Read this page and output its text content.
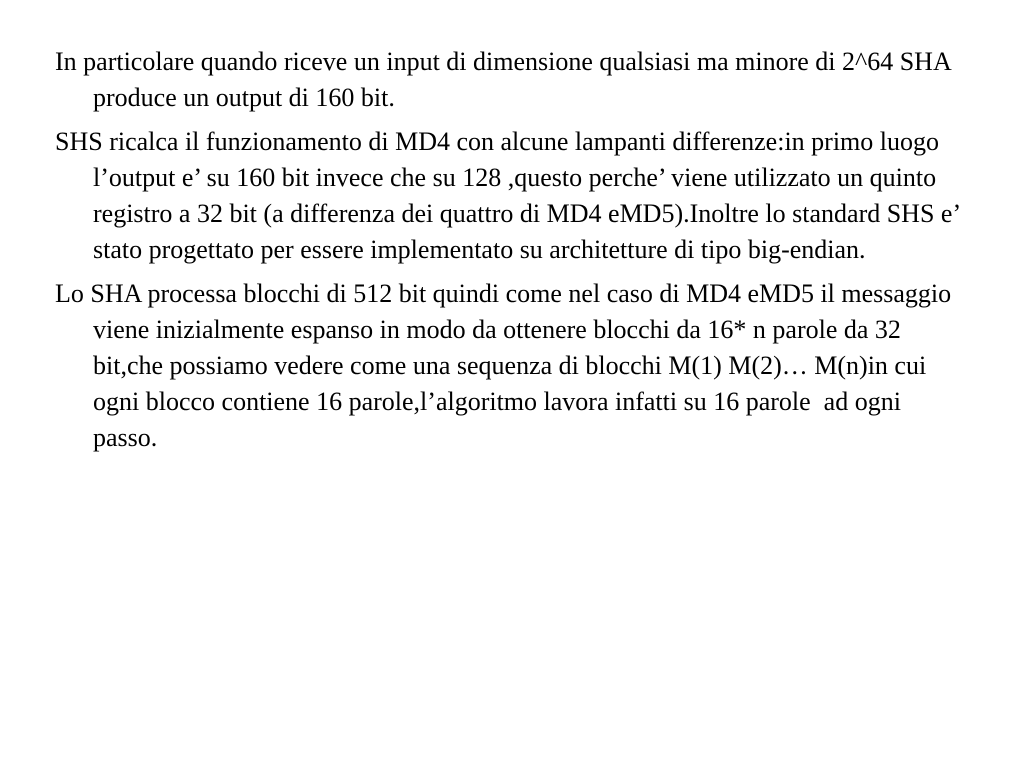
In particolare quando riceve un input di dimensione qualsiasi ma minore di 2^64 SHA produce un output di 160 bit.

SHS ricalca il funzionamento di MD4 con alcune lampanti differenze:in primo luogo l’output e’ su 160 bit invece che su 128 ,questo perche’ viene utilizzato un quinto registro a 32 bit (a differenza dei quattro di MD4 eMD5).Inoltre lo standard SHS e’ stato progettato per essere implementato su architetture di tipo big-endian.

Lo SHA processa blocchi di 512 bit quindi come nel caso di MD4 eMD5 il messaggio viene inizialmente espanso in modo da ottenere blocchi da 16* n parole da 32 bit,che possiamo vedere come una sequenza di blocchi M(1) M(2)… M(n)in cui ogni blocco contiene 16 parole,l’algoritmo lavora infatti su 16 parole  ad ogni passo.
